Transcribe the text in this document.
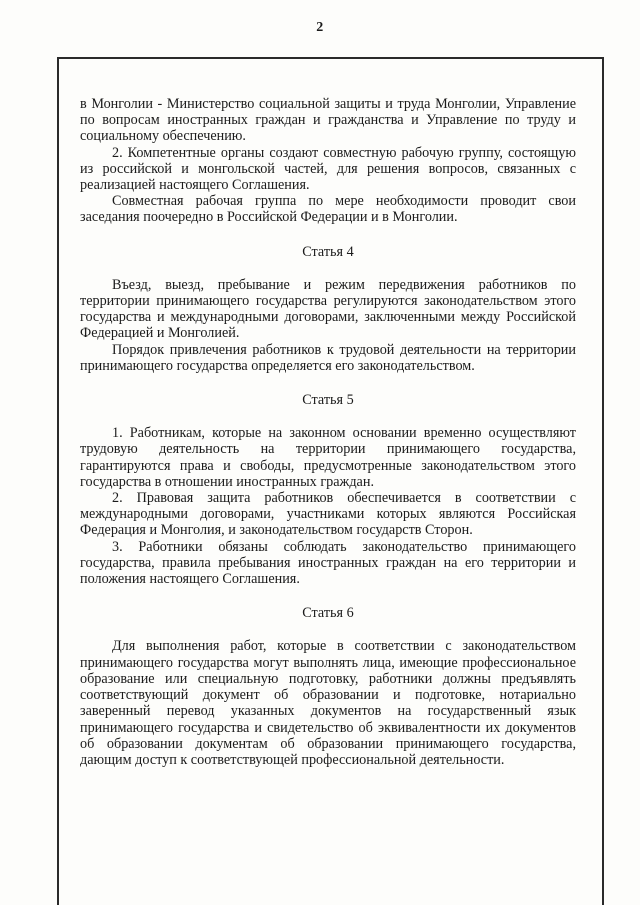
2

в Монголии - Министерство социальной защиты и труда Монголии, Управление по вопросам иностранных граждан и гражданства и Управление по труду и социальному обеспечению.

2. Компетентные органы создают совместную рабочую группу, состоящую из российской и монгольской частей, для решения вопросов, связанных с реализацией настоящего Соглашения.

Совместная рабочая группа по мере необходимости проводит свои заседания поочередно в Российской Федерации и в Монголии.

Статья 4

Въезд, выезд, пребывание и режим передвижения работников по территории принимающего государства регулируются законодательством этого государства и международными договорами, заключенными между Российской Федерацией и Монголией.

Порядок привлечения работников к трудовой деятельности на территории принимающего государства определяется его законодательством.

Статья 5

1. Работникам, которые на законном основании временно осуществляют трудовую деятельность на территории принимающего государства, гарантируются права и свободы, предусмотренные законодательством этого государства в отношении иностранных граждан.

2. Правовая защита работников обеспечивается в соответствии с международными договорами, участниками которых являются Российская Федерация и Монголия, и законодательством государств Сторон.

3. Работники обязаны соблюдать законодательство принимающего государства, правила пребывания иностранных граждан на его территории и положения настоящего Соглашения.

Статья 6

Для выполнения работ, которые в соответствии с законодательством принимающего государства могут выполнять лица, имеющие профессиональное образование или специальную подготовку, работники должны предъявлять соответствующий документ об образовании и подготовке, нотариально заверенный перевод указанных документов на государственный язык принимающего государства и свидетельство об эквивалентности их документов об образовании документам об образовании принимающего государства, дающим доступ к соответствующей профессиональной деятельности.
